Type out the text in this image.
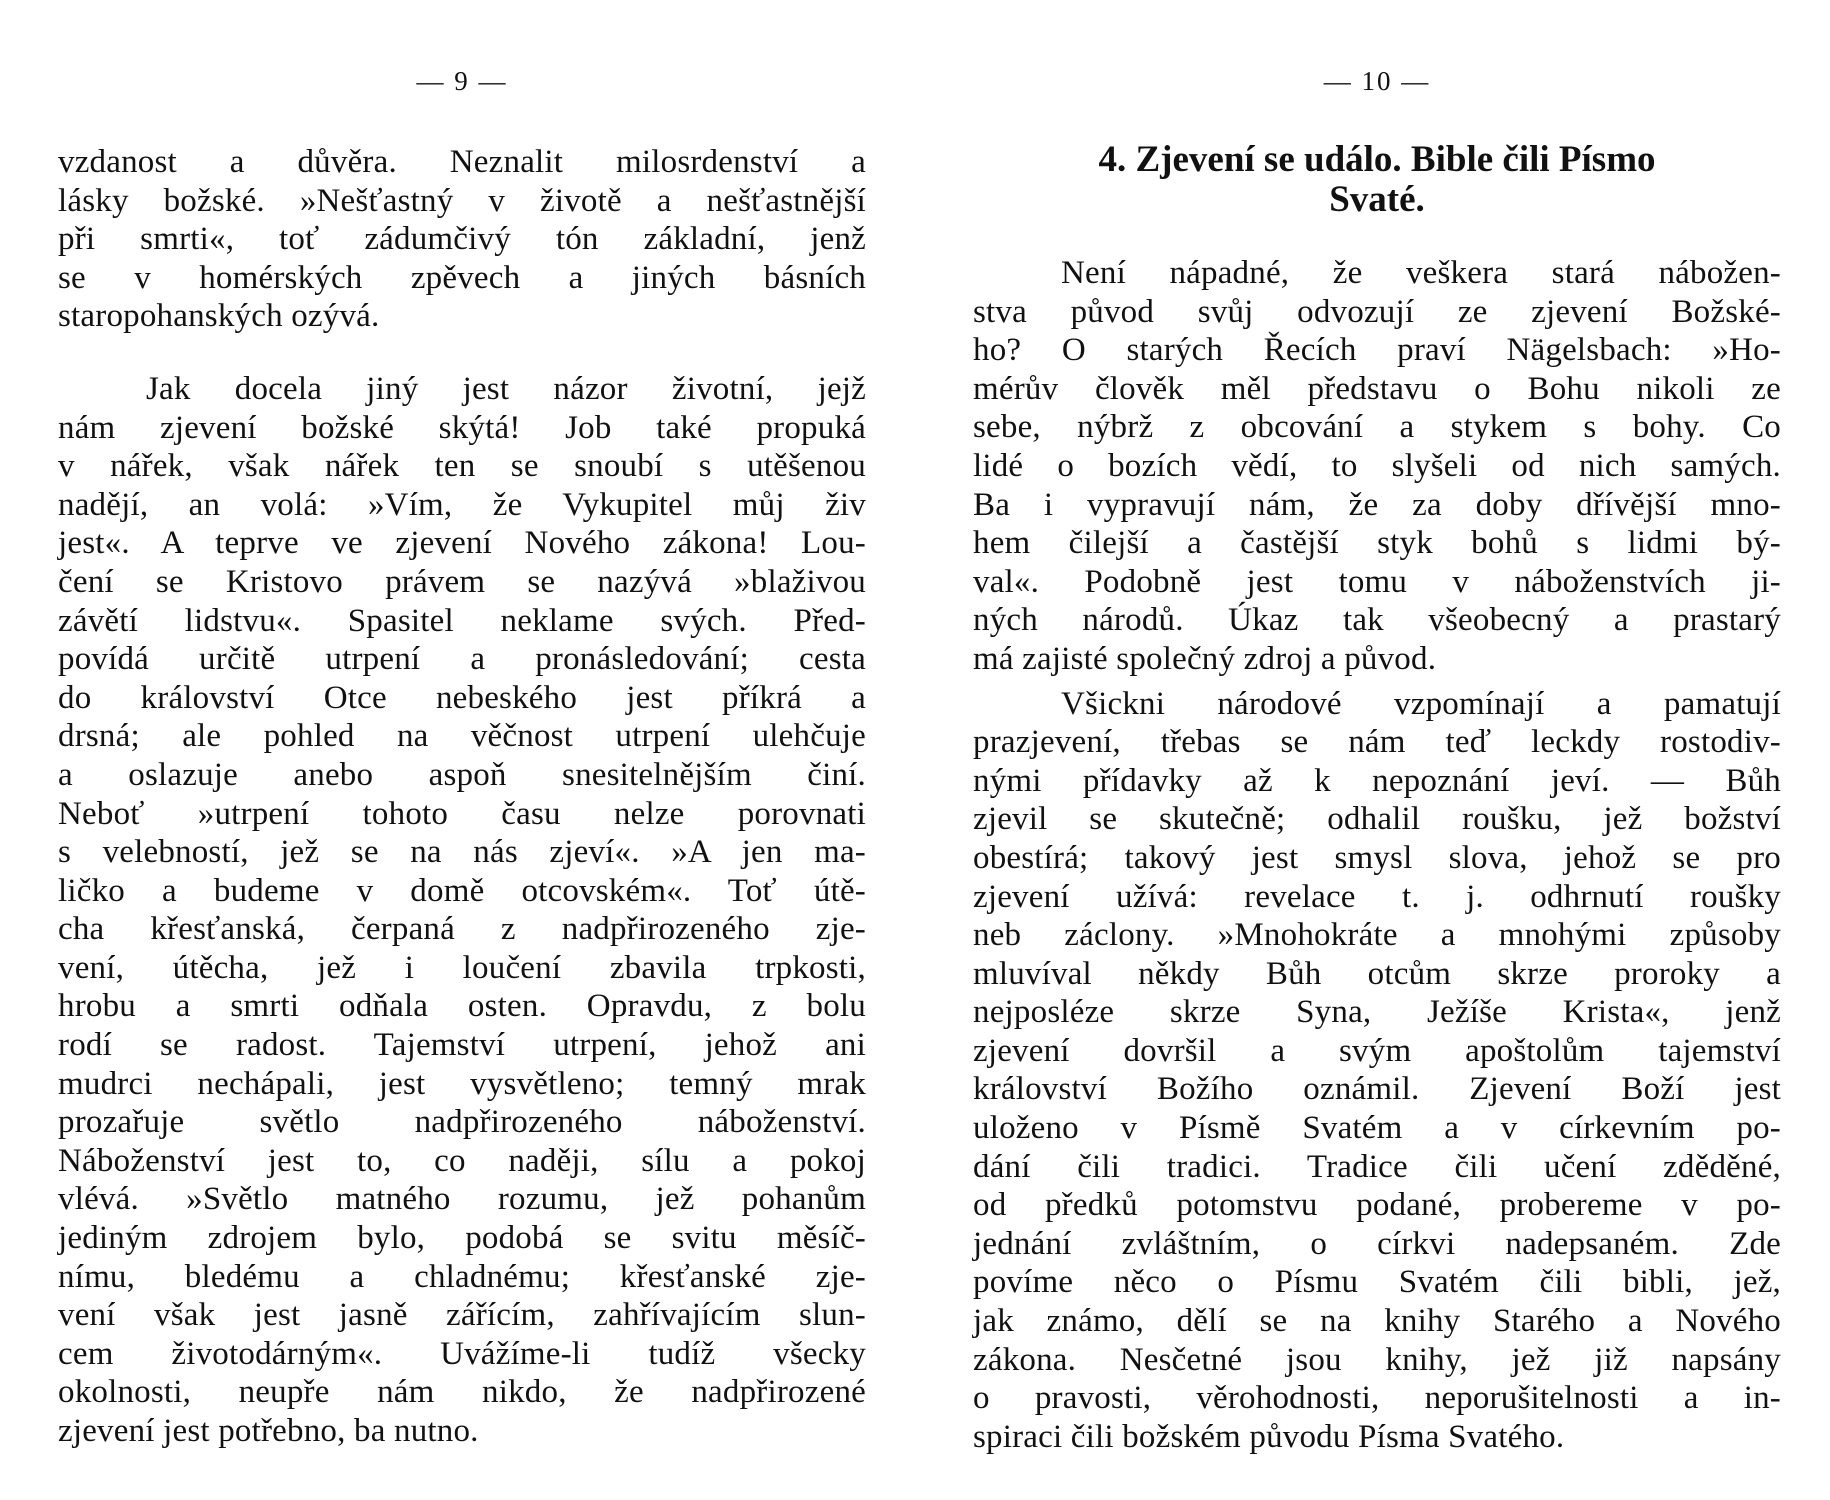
— 9 —
vzdanost a důvěra. Neznalit milosrdenství a
lásky božské. »Nešťastný v životě a nešťastnější
při smrti«, toť zádumčivý tón základní, jenž
se v homérských zpěvech a jiných básních
staropohanských ozývá.
Jak docela jiný jest názor životní, jejž
nám zjevení božské skýtá! Job také propuká
v nářek, však nářek ten se snoubí s utěšenou
nadějí, an volá: »Vím, že Vykupitel můj živ
jest«. A teprve ve zjevení Nového zákona! Lou-
čení se Kristovo právem se nazývá »blaživou
závětí lidstvu«. Spasitel neklame svých. Před-
povídá určitě utrpení a pronásledování; cesta
do království Otce nebeského jest příkrá a
drsná; ale pohled na věčnost utrpení ulehčuje
a oslazuje anebo aspoň snesitelnějším činí.
Neboť »utrpení tohoto času nelze porovnati
s velebností, jež se na nás zjeví«. »A jen ma-
ličko a budeme v domě otcovském«. Toť útě-
cha křesťanská, čerpaná z nadpřirozeného zje-
vení, útěcha, jež i loučení zbavila trpkosti,
hrobu a smrti odňala osten. Opravdu, z bolu
rodí se radost. Tajemství utrpení, jehož ani
mudrci nechápali, jest vysvětleno; temný mrak
prozařuje světlo nadpřirozeného náboženství.
Náboženství jest to, co naději, sílu a pokoj
vlévá. »Světlo matného rozumu, jež pohanům
jediným zdrojem bylo, podobá se svitu měsíč-
nímu, bledému a chladnému; křesťanské zje-
vení však jest jasně zářícím, zahřívajícím slun-
cem životodárným«. Uvážíme-li tudíž všecky
okolnosti, neupře nám nikdo, že nadpřirozené
zjevení jest potřebno, ba nutno.
— 10 —
4. Zjevení se událo. Bible čili Písmo
Svaté.
Není nápadné, že veškera stará nábožen-
stva původ svůj odvozují ze zjevení Božské-
ho? O starých Řecích praví Nägelsbach: »Ho-
mérův člověk měl představu o Bohu nikoli ze
sebe, nýbrž z obcování a stykem s bohy. Co
lidé o bozích vědí, to slyšeli od nich samých.
Ba i vypravují nám, že za doby dřívější mno-
hem čilejší a častější styk bohů s lidmi bý-
val«. Podobně jest tomu v náboženstvích ji-
ných národů. Úkaz tak všeobecný a prastarý
má zajisté společný zdroj a původ.
Všickni národové vzpomínají a pamatují
prazjevení, třebas se nám teď leckdy rostodiv-
nými přídavky až k nepoznání jeví. — Bůh
zjevil se skutečně; odhalil roušku, jež božství
obestírá; takový jest smysl slova, jehož se pro
zjevení užívá: revelace t. j. odhrnutí roušky
neb záclony. »Mnohokráte a mnohými způsoby
mluvíval někdy Bůh otcům skrze proroky a
nejposléze skrze Syna, Ježíše Krista«, jenž
zjevení dovršil a svým apoštolům tajemství
království Božího oznámil. Zjevení Boží jest
uloženo v Písmě Svatém a v církevním po-
dání čili tradici. Tradice čili učení zděděné,
od předků potomstvu podané, probereme v po-
jednání zvláštním, o církvi nadepsaném. Zde
povíme něco o Písmu Svatém čili bibli, jež,
jak známo, dělí se na knihy Starého a Nového
zákona. Nesčetné jsou knihy, jež již napsány
o pravosti, věrohodnosti, neporušitelnosti a in-
spiraci čili božském původu Písma Svatého.
